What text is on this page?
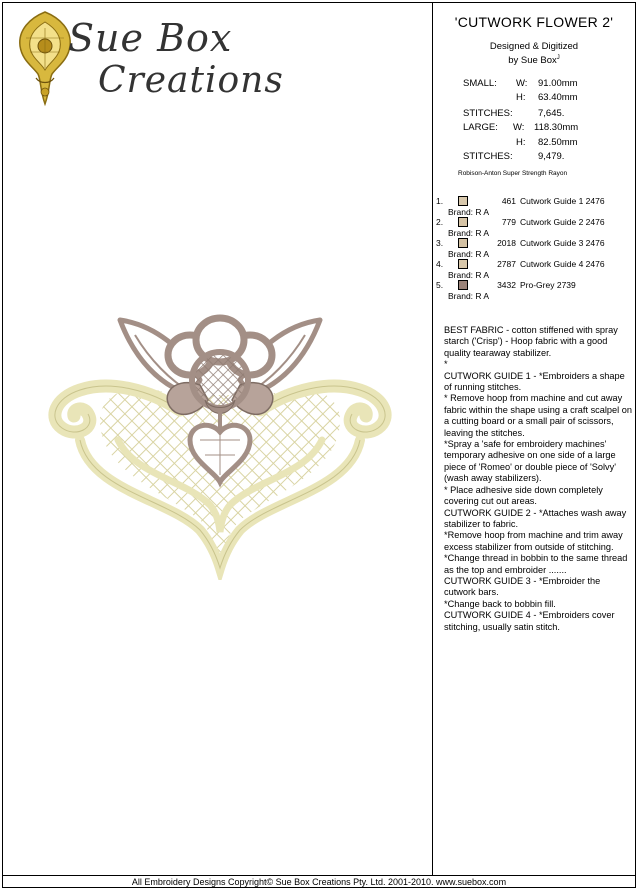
Sue Box
Creations
'CUTWORK FLOWER 2'
Designed & Digitized
by Sue Box$^J$
SMALL: W: 91.00mm
H: 63.40mm
STITCHES:	7,645.
LARGE: W: 118.30mm
H: 82.50mm
STITCHES:	9,479.
Robison-Anton Super Strength Rayon
1.	461 Cutwork Guide 1 2476
Brand: R A
2.	779 Cutwork Guide 2 2476
Brand: R A
3.	2018 Cutwork Guide 3 2476
Brand: R A
4.	2787 Cutwork Guide 4 2476
Brand: R A
5.	3432 Pro-Grey 2739
Brand: R A

BEST FABRIC - cotton stiffened with spray starch ('Crisp') - Hoop fabric with a good quality tearaway stabilizer.

*

CUTWORK GUIDE 1 - *Embroiders a shape of running stitches.

* Remove hoop from machine and cut away fabric within the shape using a craft scalpel on a cutting board or a small pair of scissors, leaving the stitches.

*Spray a 'safe for embroidery machines' temporary adhesive on one side of a large piece of 'Romeo' or double piece of 'Solvy' (wash away stabilizers).

* Place adhesive side down completely covering cut out areas.

CUTWORK GUIDE 2 - *Attaches wash away stabilizer to fabric.

*Remove hoop from machine and trim away excess stabilizer from outside of stitching.

*Change thread in bobbin to the same thread as the top and embroider .......

CUTWORK GUIDE 3 - *Embroider the cutwork bars.

*Change back to bobbin fill.

CUTWORK GUIDE 4 - *Embroiders cover stitching, usually satin stitch.

All Embroidery Designs Copyright© Sue Box Creations Pty. Ltd. 2001-2010. www.suebox.com
